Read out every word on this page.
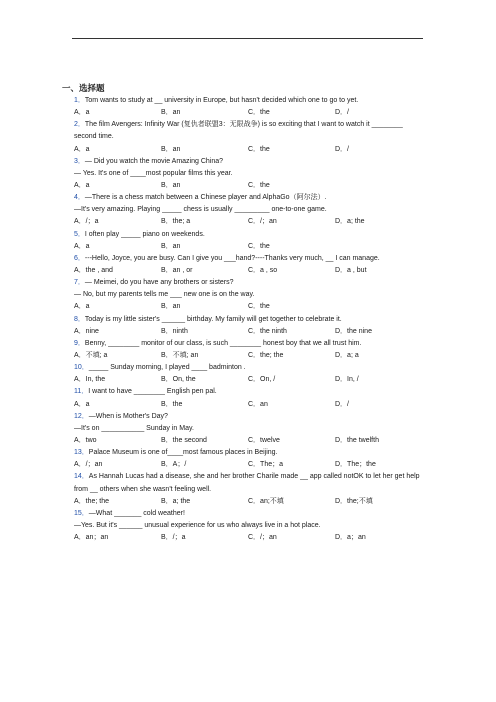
一、选择题
1．Tom wants to study at __ university in Europe, but hasn't decided which one to go to yet.
A．a	B．an	C．the	D．/
2．The film Avengers: Infinity War (复仇者联盟3：无限战争) is so exciting that I want to watch it ________ second time.
A．a	B．an	C．the	D．/
3．— Did you watch the movie Amazing China?
— Yes. It's one of ____most popular films this year.
A．a	B．an	C．the
4．—There is a chess match between a Chinese player and AlphaGo（阿尔法）.
—It's very amazing. Playing _____ chess is usually _________ one-to-one game.
A．/；a	B．the; a	C．/；an	D．a; the
5．I often play _____ piano on weekends.
A．a	B．an	C．the
6．---Hello, Joyce, you are busy. Can I give you ___hand?----Thanks very much, __ I can manage.
A．the , and	B．an , or	C．a , so	D．a , but
7．— Meimei, do you have any brothers or sisters?
— No, but my parents tells me ___ new one is on the way.
A．a	B．an	C．the
8．Today is my little sister's ______ birthday. My family will get together to celebrate it.
A．nine	B．ninth	C．the ninth	D．the nine
9．Benny, ________ monitor of our class, is such ________ honest boy that we all trust him.
A．不填; a	B．不填; an	C．the; the	D．a; a
10．_____ Sunday morning, I played ____ badminton .
A．In, the	B．On, the	C．On, /	D．In, /
11．I want to have ________ English pen pal.
A．a	B．the	C．an	D．/
12．—When is Mother's Day?
—It's on ___________ Sunday in May.
A．two	B．the second	C．twelve	D．the twelfth
13．Palace Museum is one of____most famous places in Beijing.
A．/；an	B．A；/	C．The；a	D．The；the
14．As Hannah Lucas had a disease, she and her brother Charile made __ app called notOK to let her get help from __ others when she wasn't feeling well.
A．the; the	B．a; the	C．an;不填	D．the;不填
15．—What _______ cold weather!
—Yes. But it's ______ unusual experience for us who always live in a hot place.
A．an；an	B．/；a	C．/；an	D．a；an
